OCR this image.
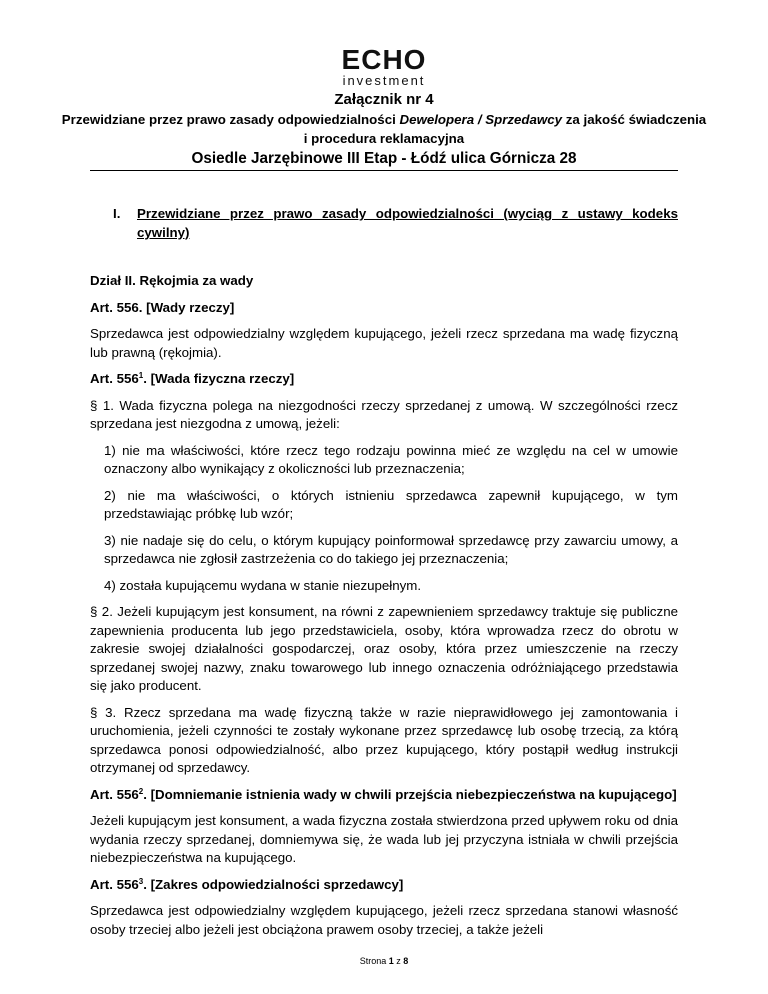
ECHO
investment
Załącznik nr 4
Przewidziane przez prawo zasady odpowiedzialności Dewelopera / Sprzedawcy za jakość świadczenia i procedura reklamacyjna
Osiedle Jarzębinowe III Etap - Łódź ulica Górnicza 28
I. Przewidziane przez prawo zasady odpowiedzialności (wyciąg z ustawy kodeks cywilny)

Dział II. Rękojmia za wady

Art. 556. [Wady rzeczy]

Sprzedawca jest odpowiedzialny względem kupującego, jeżeli rzecz sprzedana ma wadę fizyczną lub prawną (rękojmia).

Art. $556^1$. [Wada fizyczna rzeczy]

§ 1. Wada fizyczna polega na niezgodności rzeczy sprzedanej z umową. W szczególności rzecz sprzedana jest niezgodna z umową, jeżeli:

1) nie ma właściwości, które rzecz tego rodzaju powinna mieć ze względu na cel w umowie oznaczony albo wynikający z okoliczności lub przeznaczenia;

2) nie ma właściwości, o których istnieniu sprzedawca zapewnił kupującego, w tym przedstawiając próbkę lub wzór;

3) nie nadaje się do celu, o którym kupujący poinformował sprzedawcę przy zawarciu umowy, a sprzedawca nie zgłosił zastrzeżenia co do takiego jej przeznaczenia;

4) została kupującemu wydana w stanie niezupełnym.

§ 2. Jeżeli kupującym jest konsument, na równi z zapewnieniem sprzedawcy traktuje się publiczne zapewnienia producenta lub jego przedstawiciela, osoby, która wprowadza rzecz do obrotu w zakresie swojej działalności gospodarczej, oraz osoby, która przez umieszczenie na rzeczy sprzedanej swojej nazwy, znaku towarowego lub innego oznaczenia odróżniającego przedstawia się jako producent.

§ 3. Rzecz sprzedana ma wadę fizyczną także w razie nieprawidłowego jej zamontowania i uruchomienia, jeżeli czynności te zostały wykonane przez sprzedawcę lub osobę trzecią, za którą sprzedawca ponosi odpowiedzialność, albo przez kupującego, który postąpił według instrukcji otrzymanej od sprzedawcy.

Art. $556^2$. [Domniemanie istnienia wady w chwili przejścia niebezpieczeństwa na kupującego]

Jeżeli kupującym jest konsument, a wada fizyczna została stwierdzona przed upływem roku od dnia wydania rzeczy sprzedanej, domniemywa się, że wada lub jej przyczyna istniała w chwili przejścia niebezpieczeństwa na kupującego.

Art. $556^3$. [Zakres odpowiedzialności sprzedawcy]

Sprzedawca jest odpowiedzialny względem kupującego, jeżeli rzecz sprzedana stanowi własność osoby trzeciej albo jeżeli jest obciążona prawem osoby trzeciej, a także jeżeli

Strona 1 z 8
